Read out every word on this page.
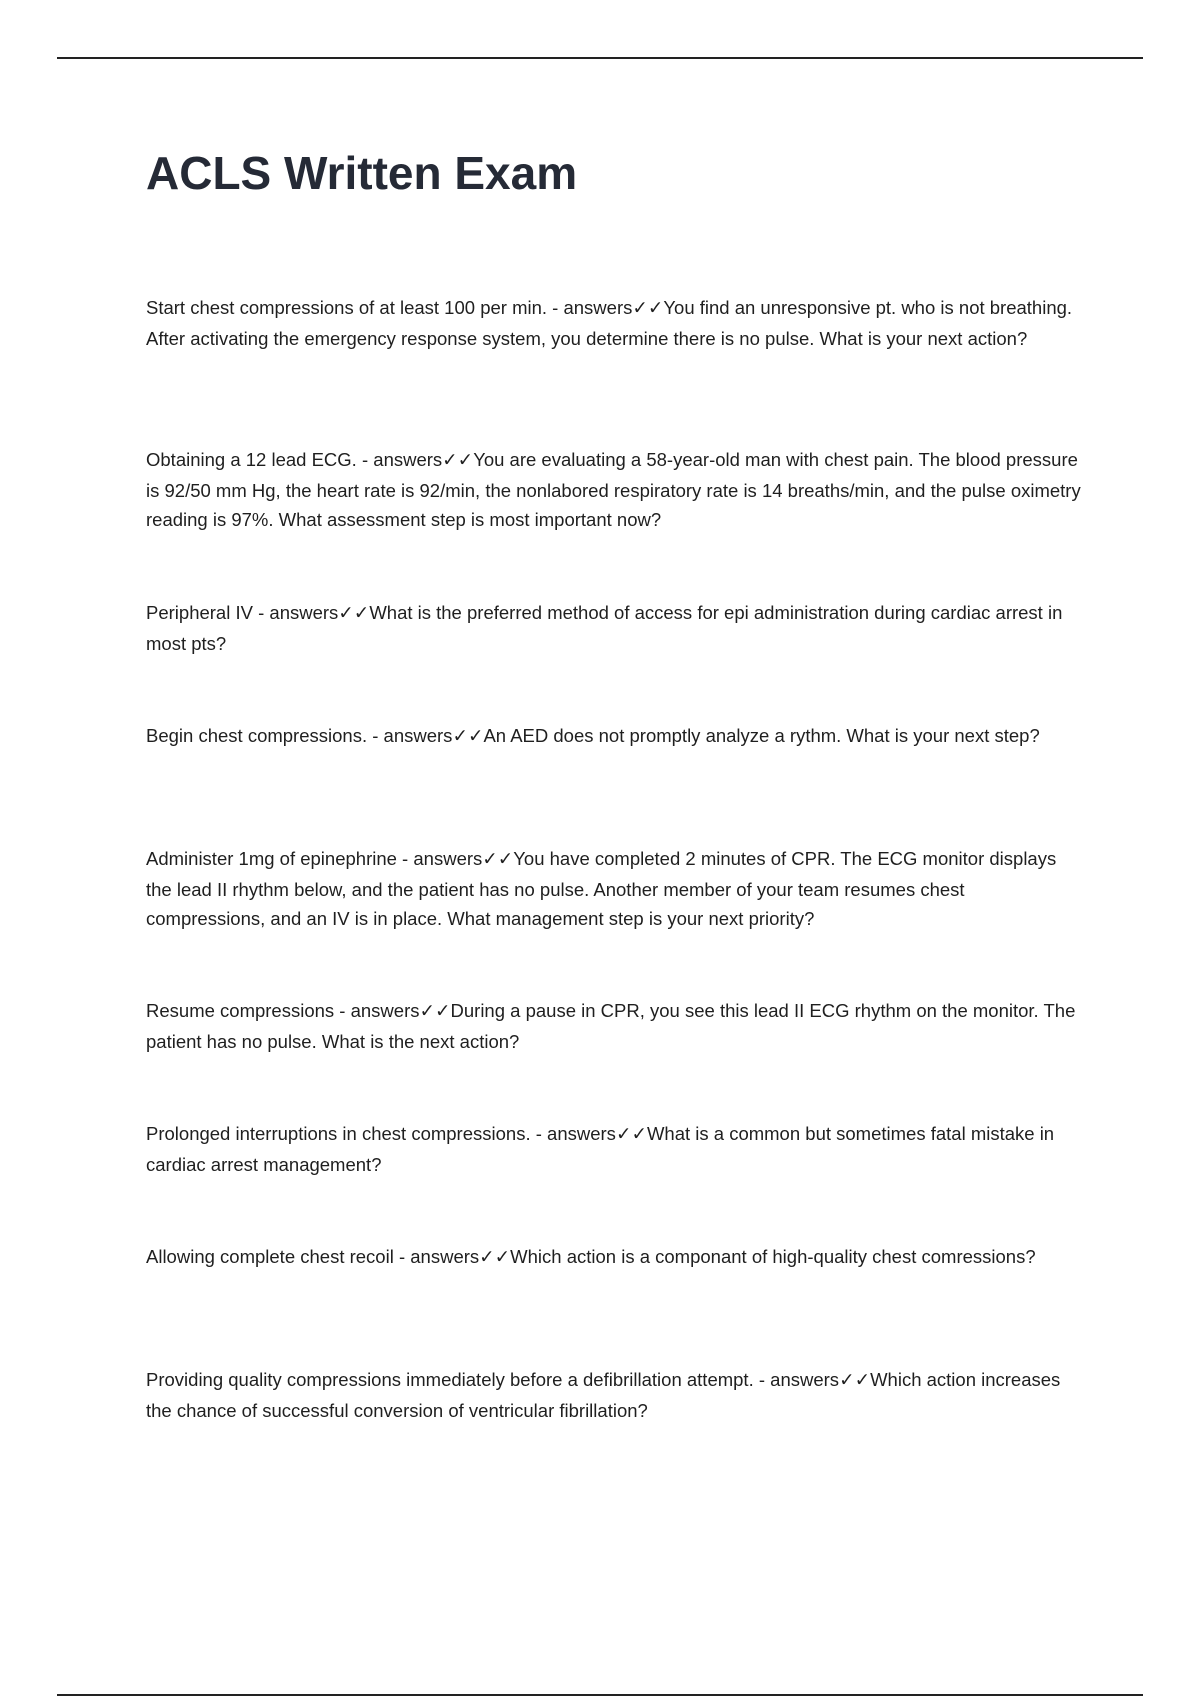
ACLS Written Exam

Start chest compressions of at least 100 per min. - answers✓✓You find an unresponsive pt. who is not breathing. After activating the emergency response system, you determine there is no pulse. What is your next action?

Obtaining a 12 lead ECG. - answers✓✓You are evaluating a 58-year-old man with chest pain. The blood pressure is 92/50 mm Hg, the heart rate is 92/min, the nonlabored respiratory rate is 14 breaths/min, and the pulse oximetry reading is 97%. What assessment step is most important now?

Peripheral IV - answers✓✓What is the preferred method of access for epi administration during cardiac arrest in most pts?

Begin chest compressions. - answers✓✓An AED does not promptly analyze a rythm. What is your next step?

Administer 1mg of epinephrine - answers✓✓You have completed 2 minutes of CPR. The ECG monitor displays the lead II rhythm below, and the patient has no pulse. Another member of your team resumes chest compressions, and an IV is in place. What management step is your next priority?

Resume compressions - answers✓✓During a pause in CPR, you see this lead II ECG rhythm on the monitor. The patient has no pulse. What is the next action?

Prolonged interruptions in chest compressions. - answers✓✓What is a common but sometimes fatal mistake in cardiac arrest management?

Allowing complete chest recoil - answers✓✓Which action is a componant of high-quality chest comressions?

Providing quality compressions immediately before a defibrillation attempt. - answers✓✓Which action increases the chance of successful conversion of ventricular fibrillation?
